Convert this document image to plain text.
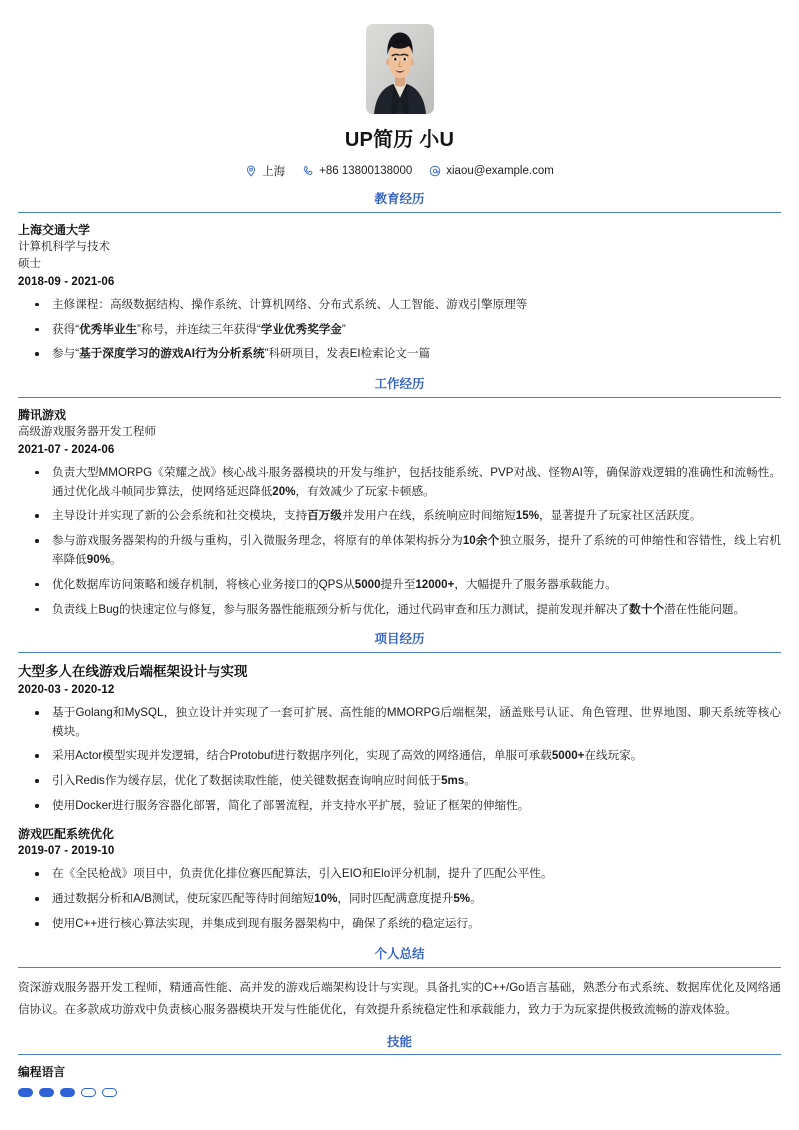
UP简历 小U
上海	+86 13800138000	xiaou@example.com
教育经历
上海交通大学
计算机科学与技术
硕士
2018-09 - 2021-06
主修课程：高级数据结构、操作系统、计算机网络、分布式系统、人工智能、游戏引擎原理等
获得“优秀毕业生”称号，并连续三年获得“学业优秀奖学金”
参与“基于深度学习的游戏AI行为分析系统”科研项目，发表EI检索论文一篇
工作经历
腾讯游戏
高级游戏服务器开发工程师
2021-07 - 2024-06
负责大型MMORPG《荣耀之战》核心战斗服务器模块的开发与维护，包括技能系统、PVP对战、怪物AI等，确保游戏逻辑的准确性和流畅性。通过优化战斗帧同步算法，使网络延迟降低20%，有效减少了玩家卡顿感。
主导设计并实现了新的公会系统和社交模块，支持百万级并发用户在线，系统响应时间缩短15%，显著提升了玩家社区活跃度。
参与游戏服务器架构的升级与重构，引入微服务理念，将原有的单体架构拆分为10余个独立服务，提升了系统的可伸缩性和容错性，线上宕机率降低90%。
优化数据库访问策略和缓存机制，将核心业务接口的QPS从5000提升至12000+，大幅提升了服务器承载能力。
负责线上Bug的快速定位与修复，参与服务器性能瓶颈分析与优化，通过代码审查和压力测试，提前发现并解决了数十个潜在性能问题。
项目经历
大型多人在线游戏后端框架设计与实现
2020-03 - 2020-12
基于Golang和MySQL，独立设计并实现了一套可扩展、高性能的MMORPG后端框架，涵盖账号认证、角色管理、世界地图、聊天系统等核心模块。
采用Actor模型实现并发逻辑，结合Protobuf进行数据序列化，实现了高效的网络通信，单服可承载5000+在线玩家。
引入Redis作为缓存层，优化了数据读取性能，使关键数据查询响应时间低于5ms。
使用Docker进行服务容器化部署，简化了部署流程，并支持水平扩展，验证了框架的伸缩性。
游戏匹配系统优化
2019-07 - 2019-10
在《全民枪战》项目中，负责优化排位赛匹配算法，引入EIO和Elo评分机制，提升了匹配公平性。
通过数据分析和A/B测试，使玩家匹配等待时间缩短10%，同时匹配满意度提升5%。
使用C++进行核心算法实现，并集成到现有服务器架构中，确保了系统的稳定运行。
个人总结

资深游戏服务器开发工程师，精通高性能、高并发的游戏后端架构设计与实现。具备扎实的C++/Go语言基础，熟悉分布式系统、数据库优化及网络通信协议。在多款成功游戏中负责核心服务器模块开发与性能优化，有效提升系统稳定性和承载能力，致力于为玩家提供极致流畅的游戏体验。

技能
编程语言
